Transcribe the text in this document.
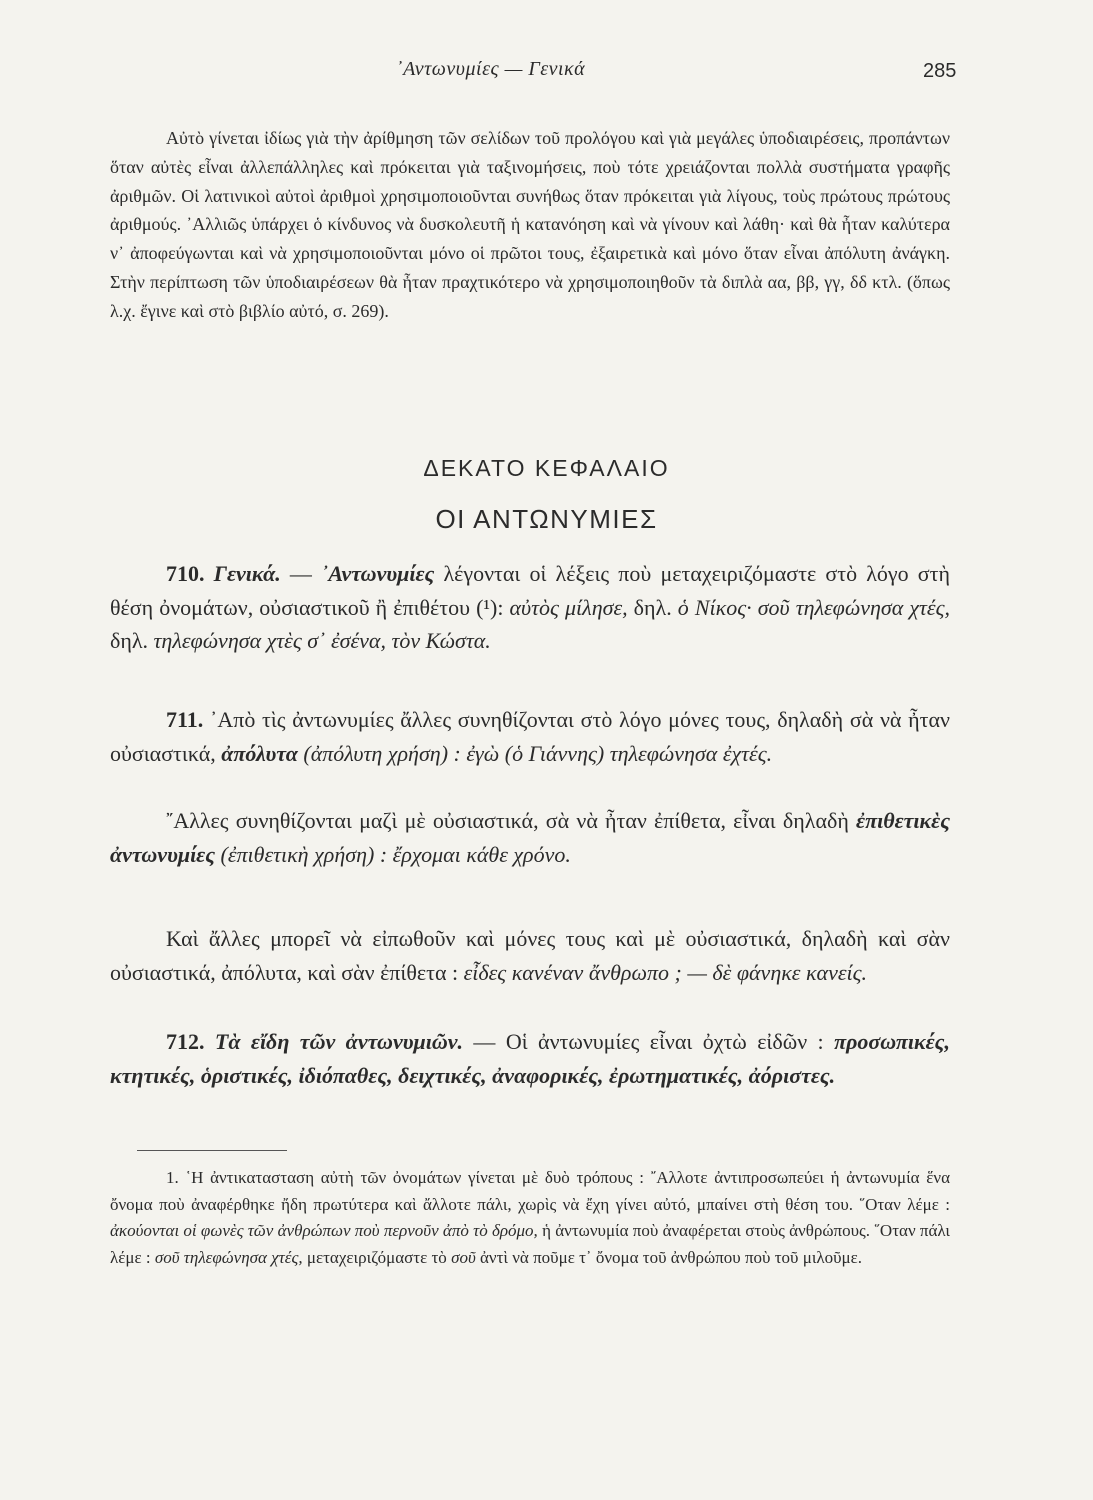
᾿Αντωνυμίες — Γενικά	285

Αὐτὸ γίνεται ἰδίως γιὰ τὴν ἀρίθμηση τῶν σελίδων τοῦ προλόγου καὶ γιὰ μεγάλες ὑποδιαιρέσεις, προπάντων ὅταν αὐτὲς εἶναι ἀλλεπάλληλες καὶ πρόκειται γιὰ ταξινομήσεις, ποὺ τότε χρειάζονται πολλὰ συστήματα γραφῆς ἀριθμῶν. Οἱ λατινικοὶ αὐτοὶ ἀριθμοὶ χρησιμοποιοῦνται συνήθως ὅταν πρόκειται γιὰ λίγους, τοὺς πρώτους πρώτους ἀριθμούς. ᾿Αλλιῶς ὑπάρχει ὁ κίνδυνος νὰ δυσκολευτῆ ἡ κατανόηση καὶ νὰ γίνουν καὶ λάθη· καὶ θὰ ἦταν καλύτερα ν᾿ ἀποφεύγωνται καὶ νὰ χρησιμοποιοῦνται μόνο οἱ πρῶτοι τους, ἐξαιρετικὰ καὶ μόνο ὅταν εἶναι ἀπόλυτη ἀνάγκη. Στὴν περίπτωση τῶν ὑποδιαιρέσεων θὰ ἦταν πραχτικότερο νὰ χρησιμοποιηθοῦν τὰ διπλὰ αα, ββ, γγ, δδ κτλ. (ὅπως λ.χ. ἔγινε καὶ στὸ βιβλίο αὐτό, σ. 269).

ΔΕΚΑΤΟ ΚΕΦΑΛΑΙΟ
ΟΙ ΑΝΤΩΝΥΜΙΕΣ

710. Γενικά. — ᾿Αντωνυμίες λέγονται οἱ λέξεις ποὺ μεταχειριζόμαστε στὸ λόγο στὴ θέση ὀνομάτων, οὐσιαστικοῦ ἢ ἐπιθέτου (¹): αὐτὸς μίλησε, δηλ. ὁ Νίκος· σοῦ τηλεφώνησα χτές, δηλ. τηλεφώνησα χτὲς σ᾿ ἐσένα, τὸν Κώστα.

711. ᾿Απὸ τὶς ἀντωνυμίες ἄλλες συνηθίζονται στὸ λόγο μόνες τους, δηλαδὴ σὰ νὰ ἦταν οὐσιαστικά, ἀπόλυτα (ἀπόλυτη χρήση) : ἐγὼ (ὁ Γιάννης) τηλεφώνησα ἐχτές.

῎Αλλες συνηθίζονται μαζὶ μὲ οὐσιαστικά, σὰ νὰ ἦταν ἐπίθετα, εἶναι δηλαδὴ ἐπιθετικὲς ἀντωνυμίες (ἐπιθετικὴ χρήση) : ἔρχομαι κάθε χρόνο.

Καὶ ἄλλες μπορεῖ νὰ εἰπωθοῦν καὶ μόνες τους καὶ μὲ οὐσιαστικά, δηλαδὴ καὶ σὰν οὐσιαστικά, ἀπόλυτα, καὶ σὰν ἐπίθετα : εἶδες κανέναν ἄνθρωπο ; — δὲ φάνηκε κανείς.

712. Τὰ εἴδη τῶν ἀντωνυμιῶν. — Οἱ ἀντωνυμίες εἶναι ὀχτὼ εἰδῶν : προσωπικές, κτητικές, ὁριστικές, ἰδιόπαθες, δειχτικές, ἀναφορικές, ἐρωτηματικές, ἀόριστες.

1. ῾Η ἀντικατασταση αὐτὴ τῶν ὀνομάτων γίνεται μὲ δυὸ τρόπους : ῎Αλλοτε ἀντιπροσωπεύει ἡ ἀντωνυμία ἕνα ὄνομα ποὺ ἀναφέρθηκε ἤδη πρωτύτερα καὶ ἄλλοτε πάλι, χωρὶς νὰ ἔχη γίνει αὐτό, μπαίνει στὴ θέση του. ῞Οταν λέμε : ἀκούονται οἱ φωνὲς τῶν ἀνθρώπων ποὺ περνοῦν ἀπὸ τὸ δρόμο, ἡ ἀντωνυμία ποὺ ἀναφέρεται στοὺς ἀνθρώπους. ῞Οταν πάλι λέμε : σοῦ τηλεφώνησα χτές, μεταχειριζόμαστε τὸ σοῦ ἀντὶ νὰ ποῦμε τ᾿ ὄνομα τοῦ ἀνθρώπου ποὺ τοῦ μιλοῦμε.
